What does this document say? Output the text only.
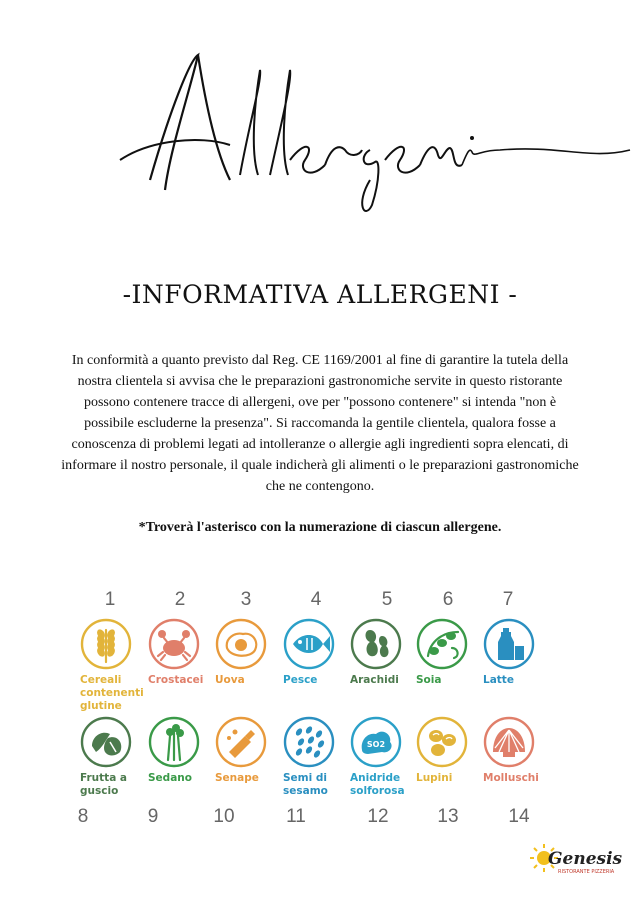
Allergeni
-INFORMATIVA ALLERGENI -
In conformità a quanto previsto dal Reg. CE 1169/2001 al fine di garantire la tutela della nostra clientela si avvisa che le preparazioni gastronomiche servite in questo ristorante possono contenere tracce di allergeni, ove per "possono contenere" si intenda "non è possibile escluderne la presenza". Si raccomanda la gentile clientela, qualora fosse a conoscenza di problemi legati ad intolleranze o allergie agli ingredienti sopra elencati, di informare il nostro personale, il quale indicherà gli alimenti o le preparazioni gastronomiche che ne contengono.
*Troverà l'asterisco con la numerazione di ciascun allergene.
Cereali contenenti glutine
1
Crostacei
2
Uova
3
Pesce
4
Arachidi
5
Soia
6
Latte
7
Frutta a guscio
8
Sedano
9
Senape
10
Semi di sesamo
11
SO2
Anidride solforosa
12
Lupini
13
Molluschi
14
Genesis
RISTORANTE PIZZERIA
